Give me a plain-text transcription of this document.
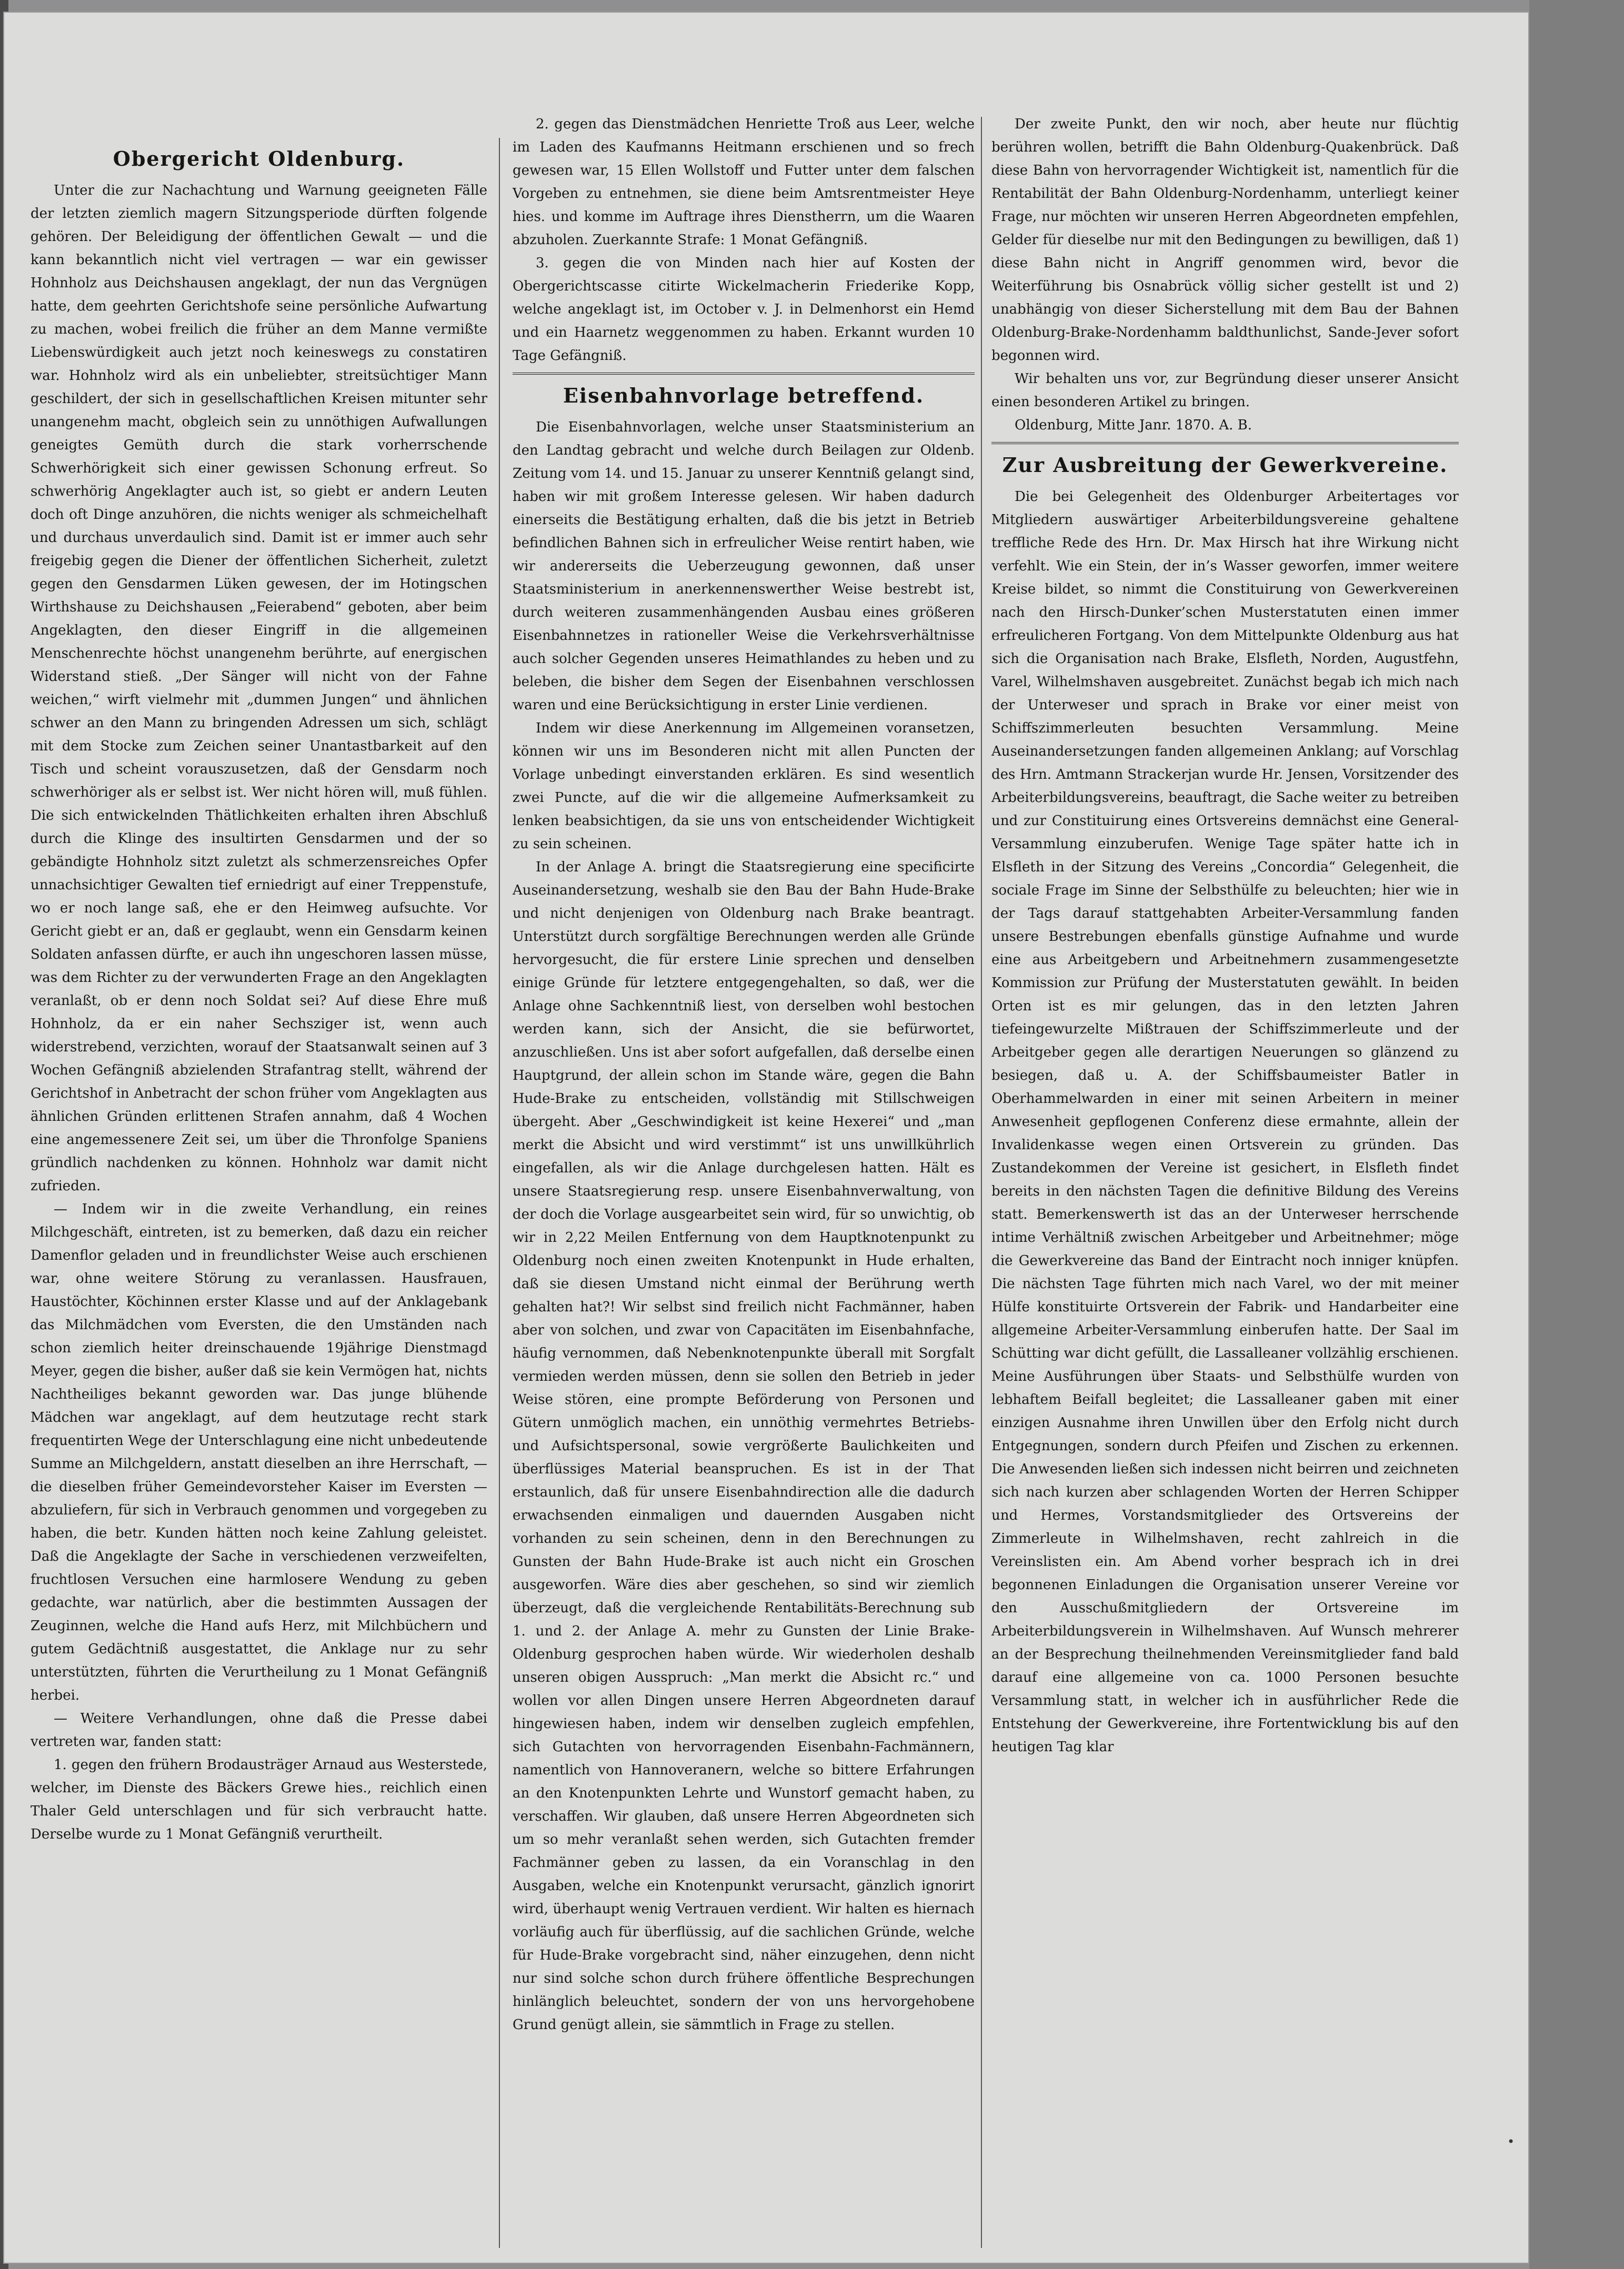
Obergericht Oldenburg.

Unter die zur Nachachtung und Warnung geeigneten Fälle der letzten ziemlich magern Sitzungsperiode dürften folgende gehören. Der Beleidigung der öffentlichen Gewalt — und die kann bekanntlich nicht viel vertragen — war ein gewisser Hohnholz aus Deichshausen angeklagt, der nun das Vergnügen hatte, dem geehrten Gerichtshofe seine persönliche Aufwartung zu machen, wobei freilich die früher an dem Manne vermißte Liebenswürdigkeit auch jetzt noch keineswegs zu constatiren war. Hohnholz wird als ein unbeliebter, streitsüchtiger Mann geschildert, der sich in gesellschaftlichen Kreisen mitunter sehr unangenehm macht, obgleich sein zu unnöthigen Aufwallungen geneigtes Gemüth durch die stark vorherrschende Schwerhörigkeit sich einer gewissen Schonung erfreut. So schwerhörig Angeklagter auch ist, so giebt er andern Leuten doch oft Dinge anzuhören, die nichts weniger als schmeichelhaft und durchaus unverdaulich sind. Damit ist er immer auch sehr freigebig gegen die Diener der öffentlichen Sicherheit, zuletzt gegen den Gensdarmen Lüken gewesen, der im Hotingschen Wirthshause zu Deichshausen „Feierabend“ geboten, aber beim Angeklagten, den dieser Eingriff in die allgemeinen Menschenrechte höchst unangenehm berührte, auf energischen Widerstand stieß. „Der Sänger will nicht von der Fahne weichen,“ wirft vielmehr mit „dummen Jungen“ und ähnlichen schwer an den Mann zu bringenden Adressen um sich, schlägt mit dem Stocke zum Zeichen seiner Unantastbarkeit auf den Tisch und scheint vorauszusetzen, daß der Gensdarm noch schwerhöriger als er selbst ist. Wer nicht hören will, muß fühlen. Die sich entwickelnden Thätlichkeiten erhalten ihren Abschluß durch die Klinge des insultirten Gensdarmen und der so gebändigte Hohnholz sitzt zuletzt als schmerzensreiches Opfer unnachsichtiger Gewalten tief erniedrigt auf einer Treppenstufe, wo er noch lange saß, ehe er den Heimweg aufsuchte. Vor Gericht giebt er an, daß er geglaubt, wenn ein Gensdarm keinen Soldaten anfassen dürfte, er auch ihn ungeschoren lassen müsse, was dem Richter zu der verwunderten Frage an den Angeklagten veranlaßt, ob er denn noch Soldat sei? Auf diese Ehre muß Hohnholz, da er ein naher Sechsziger ist, wenn auch widerstrebend, verzichten, worauf der Staatsanwalt seinen auf 3 Wochen Gefängniß abzielenden Strafantrag stellt, während der Gerichtshof in Anbetracht der schon früher vom Angeklagten aus ähnlichen Gründen erlittenen Strafen annahm, daß 4 Wochen eine angemessenere Zeit sei, um über die Thronfolge Spaniens gründlich nachdenken zu können. Hohnholz war damit nicht zufrieden.

— Indem wir in die zweite Verhandlung, ein reines Milchgeschäft, eintreten, ist zu bemerken, daß dazu ein reicher Damenflor geladen und in freundlichster Weise auch erschienen war, ohne weitere Störung zu veranlassen. Hausfrauen, Haustöchter, Köchinnen erster Klasse und auf der Anklagebank das Milchmädchen vom Eversten, die den Umständen nach schon ziemlich heiter dreinschauende 19jährige Dienstmagd Meyer, gegen die bisher, außer daß sie kein Vermögen hat, nichts Nachtheiliges bekannt geworden war. Das junge blühende Mädchen war angeklagt, auf dem heutzutage recht stark frequentirten Wege der Unterschlagung eine nicht unbedeutende Summe an Milchgeldern, anstatt dieselben an ihre Herrschaft, — die dieselben früher Gemeindevorsteher Kaiser im Eversten — abzuliefern, für sich in Verbrauch genommen und vorgegeben zu haben, die betr. Kunden hätten noch keine Zahlung geleistet. Daß die Angeklagte der Sache in verschiedenen verzweifelten, fruchtlosen Versuchen eine harmlosere Wendung zu geben gedachte, war natürlich, aber die bestimmten Aussagen der Zeuginnen, welche die Hand aufs Herz, mit Milchbüchern und gutem Gedächtniß ausgestattet, die Anklage nur zu sehr unterstützten, führten die Verurtheilung zu 1 Monat Gefängniß herbei.

— Weitere Verhandlungen, ohne daß die Presse dabei vertreten war, fanden statt:

1. gegen den frühern Brodausträger Arnaud aus Westerstede, welcher, im Dienste des Bäckers Grewe hies., reichlich einen Thaler Geld unterschlagen und für sich verbraucht hatte. Derselbe wurde zu 1 Monat Gefängniß verurtheilt.

2. gegen das Dienstmädchen Henriette Troß aus Leer, welche im Laden des Kaufmanns Heitmann erschienen und so frech gewesen war, 15 Ellen Wollstoff und Futter unter dem falschen Vorgeben zu entnehmen, sie diene beim Amtsrentmeister Heye hies. und komme im Auftrage ihres Dienstherrn, um die Waaren abzuholen. Zuerkannte Strafe: 1 Monat Gefängniß.

3. gegen die von Minden nach hier auf Kosten der Obergerichtscasse citirte Wickelmacherin Friederike Kopp, welche angeklagt ist, im October v. J. in Delmenhorst ein Hemd und ein Haarnetz weggenommen zu haben. Erkannt wurden 10 Tage Gefängniß.

Eisenbahnvorlage betreffend.

Die Eisenbahnvorlagen, welche unser Staatsministerium an den Landtag gebracht und welche durch Beilagen zur Oldenb. Zeitung vom 14. und 15. Januar zu unserer Kenntniß gelangt sind, haben wir mit großem Interesse gelesen. Wir haben dadurch einerseits die Bestätigung erhalten, daß die bis jetzt in Betrieb befindlichen Bahnen sich in erfreulicher Weise rentirt haben, wie wir andererseits die Ueberzeugung gewonnen, daß unser Staatsministerium in anerkennenswerther Weise bestrebt ist, durch weiteren zusammenhängenden Ausbau eines größeren Eisenbahnnetzes in rationeller Weise die Verkehrsverhältnisse auch solcher Gegenden unseres Heimathlandes zu heben und zu beleben, die bisher dem Segen der Eisenbahnen verschlossen waren und eine Berücksichtigung in erster Linie verdienen.

Indem wir diese Anerkennung im Allgemeinen voransetzen, können wir uns im Besonderen nicht mit allen Puncten der Vorlage unbedingt einverstanden erklären. Es sind wesentlich zwei Puncte, auf die wir die allgemeine Aufmerksamkeit zu lenken beabsichtigen, da sie uns von entscheidender Wichtigkeit zu sein scheinen.

In der Anlage A. bringt die Staatsregierung eine specificirte Auseinandersetzung, weshalb sie den Bau der Bahn Hude-Brake und nicht denjenigen von Oldenburg nach Brake beantragt. Unterstützt durch sorgfältige Berechnungen werden alle Gründe hervorgesucht, die für erstere Linie sprechen und denselben einige Gründe für letztere entgegengehalten, so daß, wer die Anlage ohne Sachkenntniß liest, von derselben wohl bestochen werden kann, sich der Ansicht, die sie befürwortet, anzuschließen. Uns ist aber sofort aufgefallen, daß derselbe einen Hauptgrund, der allein schon im Stande wäre, gegen die Bahn Hude-Brake zu entscheiden, vollständig mit Stillschweigen übergeht. Aber „Geschwindigkeit ist keine Hexerei“ und „man merkt die Absicht und wird verstimmt“ ist uns unwillkührlich eingefallen, als wir die Anlage durchgelesen hatten. Hält es unsere Staatsregierung resp. unsere Eisenbahnverwaltung, von der doch die Vorlage ausgearbeitet sein wird, für so unwichtig, ob wir in 2,22 Meilen Entfernung von dem Hauptknotenpunkt zu Oldenburg noch einen zweiten Knotenpunkt in Hude erhalten, daß sie diesen Umstand nicht einmal der Berührung werth gehalten hat?! Wir selbst sind freilich nicht Fachmänner, haben aber von solchen, und zwar von Capacitäten im Eisenbahnfache, häufig vernommen, daß Nebenknotenpunkte überall mit Sorgfalt vermieden werden müssen, denn sie sollen den Betrieb in jeder Weise stören, eine prompte Beförderung von Personen und Gütern unmöglich machen, ein unnöthig vermehrtes Betriebs- und Aufsichtspersonal, sowie vergrößerte Baulichkeiten und überflüssiges Material beanspruchen. Es ist in der That erstaunlich, daß für unsere Eisenbahndirection alle die dadurch erwachsenden einmaligen und dauernden Ausgaben nicht vorhanden zu sein scheinen, denn in den Berechnungen zu Gunsten der Bahn Hude-Brake ist auch nicht ein Groschen ausgeworfen. Wäre dies aber geschehen, so sind wir ziemlich überzeugt, daß die vergleichende Rentabilitäts-Berechnung sub 1. und 2. der Anlage A. mehr zu Gunsten der Linie Brake-Oldenburg gesprochen haben würde. Wir wiederholen deshalb unseren obigen Ausspruch: „Man merkt die Absicht rc.“ und wollen vor allen Dingen unsere Herren Abgeordneten darauf hingewiesen haben, indem wir denselben zugleich empfehlen, sich Gutachten von hervorragenden Eisenbahn-Fachmännern, namentlich von Hannoveranern, welche so bittere Erfahrungen an den Knotenpunkten Lehrte und Wunstorf gemacht haben, zu verschaffen. Wir glauben, daß unsere Herren Abgeordneten sich um so mehr veranlaßt sehen werden, sich Gutachten fremder Fachmänner geben zu lassen, da ein Voranschlag in den Ausgaben, welche ein Knotenpunkt verursacht, gänzlich ignorirt wird, überhaupt wenig Vertrauen verdient. Wir halten es hiernach vorläufig auch für überflüssig, auf die sachlichen Gründe, welche für Hude-Brake vorgebracht sind, näher einzugehen, denn nicht nur sind solche schon durch frühere öffentliche Besprechungen hinlänglich beleuchtet, sondern der von uns hervorgehobene Grund genügt allein, sie sämmtlich in Frage zu stellen.

Der zweite Punkt, den wir noch, aber heute nur flüchtig berühren wollen, betrifft die Bahn Oldenburg-Quakenbrück. Daß diese Bahn von hervorragender Wichtigkeit ist, namentlich für die Rentabilität der Bahn Oldenburg-Nordenhamm, unterliegt keiner Frage, nur möchten wir unseren Herren Abgeordneten empfehlen, Gelder für dieselbe nur mit den Bedingungen zu bewilligen, daß 1) diese Bahn nicht in Angriff genommen wird, bevor die Weiterführung bis Osnabrück völlig sicher gestellt ist und 2) unabhängig von dieser Sicherstellung mit dem Bau der Bahnen Oldenburg-Brake-Nordenhamm baldthunlichst, Sande-Jever sofort begonnen wird.

Wir behalten uns vor, zur Begründung dieser unserer Ansicht einen besonderen Artikel zu bringen.

Oldenburg, Mitte Janr. 1870. A. B.

Zur Ausbreitung der Gewerkvereine.

Die bei Gelegenheit des Oldenburger Arbeitertages vor Mitgliedern auswärtiger Arbeiterbildungsvereine gehaltene treffliche Rede des Hrn. Dr. Max Hirsch hat ihre Wirkung nicht verfehlt. Wie ein Stein, der in’s Wasser geworfen, immer weitere Kreise bildet, so nimmt die Constituirung von Gewerkvereinen nach den Hirsch-Dunker’schen Musterstatuten einen immer erfreulicheren Fortgang. Von dem Mittelpunkte Oldenburg aus hat sich die Organisation nach Brake, Elsfleth, Norden, Augustfehn, Varel, Wilhelmshaven ausgebreitet. Zunächst begab ich mich nach der Unterweser und sprach in Brake vor einer meist von Schiffszimmerleuten besuchten Versammlung. Meine Auseinandersetzungen fanden allgemeinen Anklang; auf Vorschlag des Hrn. Amtmann Strackerjan wurde Hr. Jensen, Vorsitzender des Arbeiterbildungsvereins, beauftragt, die Sache weiter zu betreiben und zur Constituirung eines Ortsvereins demnächst eine General-Versammlung einzuberufen. Wenige Tage später hatte ich in Elsfleth in der Sitzung des Vereins „Concordia“ Gelegenheit, die sociale Frage im Sinne der Selbsthülfe zu beleuchten; hier wie in der Tags darauf stattgehabten Arbeiter-Versammlung fanden unsere Bestrebungen ebenfalls günstige Aufnahme und wurde eine aus Arbeitgebern und Arbeitnehmern zusammengesetzte Kommission zur Prüfung der Musterstatuten gewählt. In beiden Orten ist es mir gelungen, das in den letzten Jahren tiefeingewurzelte Mißtrauen der Schiffszimmerleute und der Arbeitgeber gegen alle derartigen Neuerungen so glänzend zu besiegen, daß u. A. der Schiffsbaumeister Batler in Oberhammelwarden in einer mit seinen Arbeitern in meiner Anwesenheit gepflogenen Conferenz diese ermahnte, allein der Invalidenkasse wegen einen Ortsverein zu gründen. Das Zustandekommen der Vereine ist gesichert, in Elsfleth findet bereits in den nächsten Tagen die definitive Bildung des Vereins statt. Bemerkenswerth ist das an der Unterweser herrschende intime Verhältniß zwischen Arbeitgeber und Arbeitnehmer; möge die Gewerkvereine das Band der Eintracht noch inniger knüpfen. Die nächsten Tage führten mich nach Varel, wo der mit meiner Hülfe konstituirte Ortsverein der Fabrik- und Handarbeiter eine allgemeine Arbeiter-Versammlung einberufen hatte. Der Saal im Schütting war dicht gefüllt, die Lassalleaner vollzählig erschienen. Meine Ausführungen über Staats- und Selbsthülfe wurden von lebhaftem Beifall begleitet; die Lassalleaner gaben mit einer einzigen Ausnahme ihren Unwillen über den Erfolg nicht durch Entgegnungen, sondern durch Pfeifen und Zischen zu erkennen. Die Anwesenden ließen sich indessen nicht beirren und zeichneten sich nach kurzen aber schlagenden Worten der Herren Schipper und Hermes, Vorstandsmitglieder des Ortsvereins der Zimmerleute in Wilhelmshaven, recht zahlreich in die Vereinslisten ein. Am Abend vorher besprach ich in drei begonnenen Einladungen die Organisation unserer Vereine vor den Ausschußmitgliedern der Ortsvereine im Arbeiterbildungsverein in Wilhelmshaven. Auf Wunsch mehrerer an der Besprechung theilnehmenden Vereinsmitglieder fand bald darauf eine allgemeine von ca. 1000 Personen besuchte Versammlung statt, in welcher ich in ausführlicher Rede die Entstehung der Gewerkvereine, ihre Fortentwicklung bis auf den heutigen Tag klar

•
